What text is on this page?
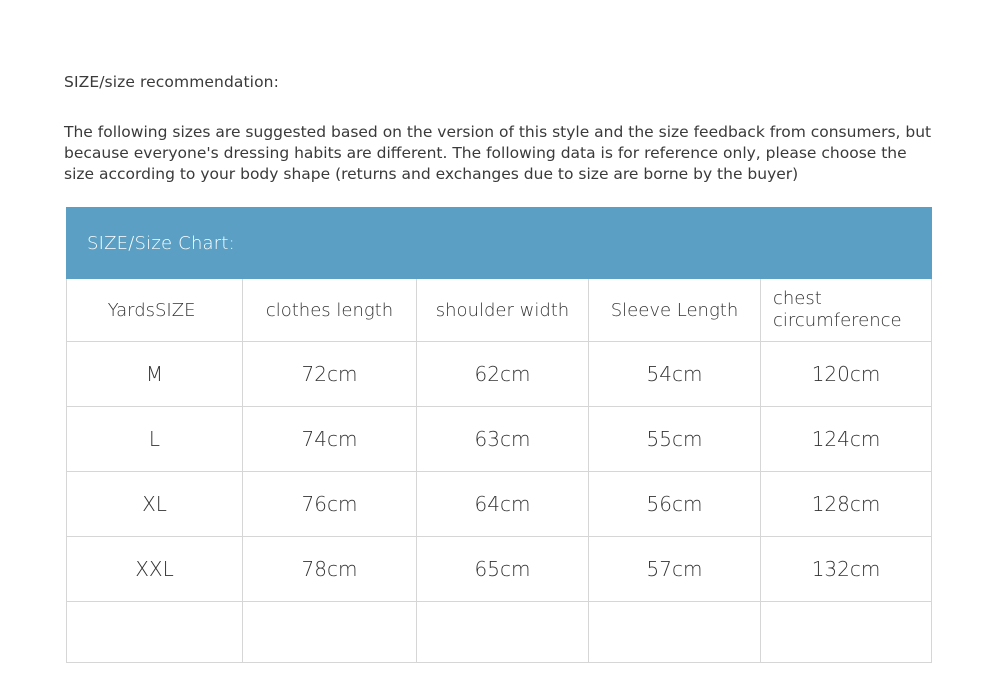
SIZE/size recommendation:
The following sizes are suggested based on the version of this style and the size feedback from consumers, but because everyone's dressing habits are different. The following data is for reference only, please choose the size according to your body shape (returns and exchanges due to size are borne by the buyer)
SIZE/Size Chart:				
YardsSIZE	clothes length	shoulder width	Sleeve Length	chest circumference
M	72cm	62cm	54cm	120cm
L	74cm	63cm	55cm	124cm
XL	76cm	64cm	56cm	128cm
XXL	78cm	65cm	57cm	132cm
